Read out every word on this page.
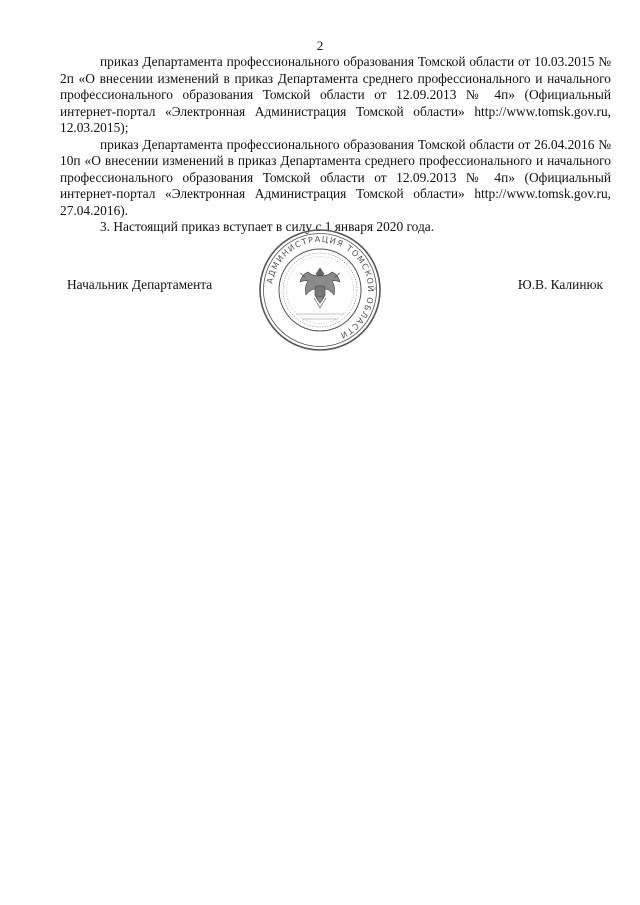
2

приказ Департамента профессионального образования Томской области от 10.03.2015 № 2п «О внесении изменений в приказ Департамента среднего профессионального и начального профессионального образования Томской области от 12.09.2013 № 4п» (Официальный интернет-портал «Электронная Администрация Томской области» http://www.tomsk.gov.ru, 12.03.2015);

приказ Департамента профессионального образования Томской области от 26.04.2016 № 10п «О внесении изменений в приказ Департамента среднего профессионального и начального профессионального образования Томской области от 12.09.2013 № 4п» (Официальный интернет-портал «Электронная Администрация Томской области» http://www.tomsk.gov.ru, 27.04.2016).

3. Настоящий приказ вступает в силу с 1 января 2020 года.

Начальник Департамента	Ю.В. Калинюк
АДМИНИСТРАЦИЯ ТОМСКОЙ ОБЛАСТИ
